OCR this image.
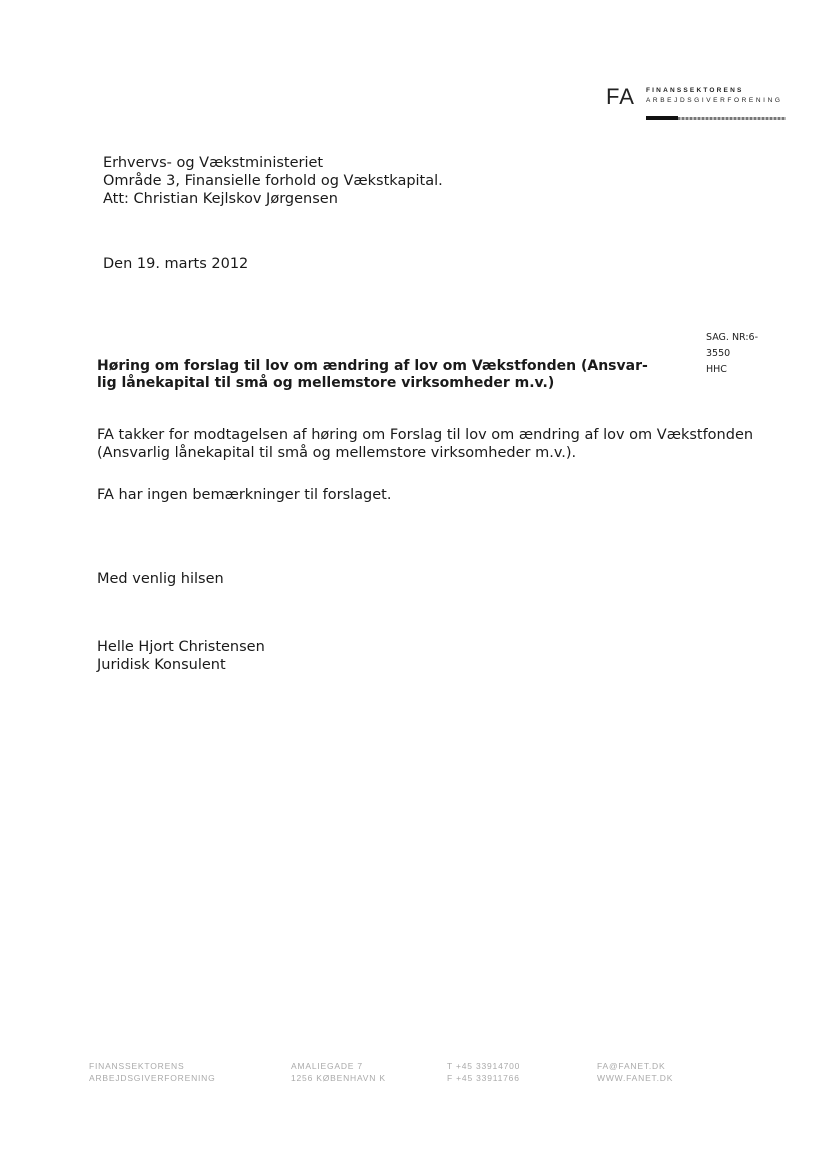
FA FINANSSEKTORENS
ARBEJDSGIVERFORENING
Erhvervs- og Vækstministeriet
Område 3, Finansielle forhold og Vækstkapital.
Att: Christian Kejlskov Jørgensen
Den 19. marts 2012
SAG. NR:6-
3550
HHC
Høring om forslag til lov om ændring af lov om Vækstfonden (Ansvar-
lig lånekapital til små og mellemstore virksomheder m.v.)
FA takker for modtagelsen af høring om Forslag til lov om ændring af lov om Vækstfonden
(Ansvarlig lånekapital til små og mellemstore virksomheder m.v.).
FA har ingen bemærkninger til forslaget.
Med venlig hilsen
Helle Hjort Christensen
Juridisk Konsulent
FINANSSEKTORENS
ARBEJDSGIVERFORENING
AMALIEGADE 7
1256 KØBENHAVN K
T +45 33914700
F +45 33911766
FA@FANET.DK
WWW.FANET.DK
